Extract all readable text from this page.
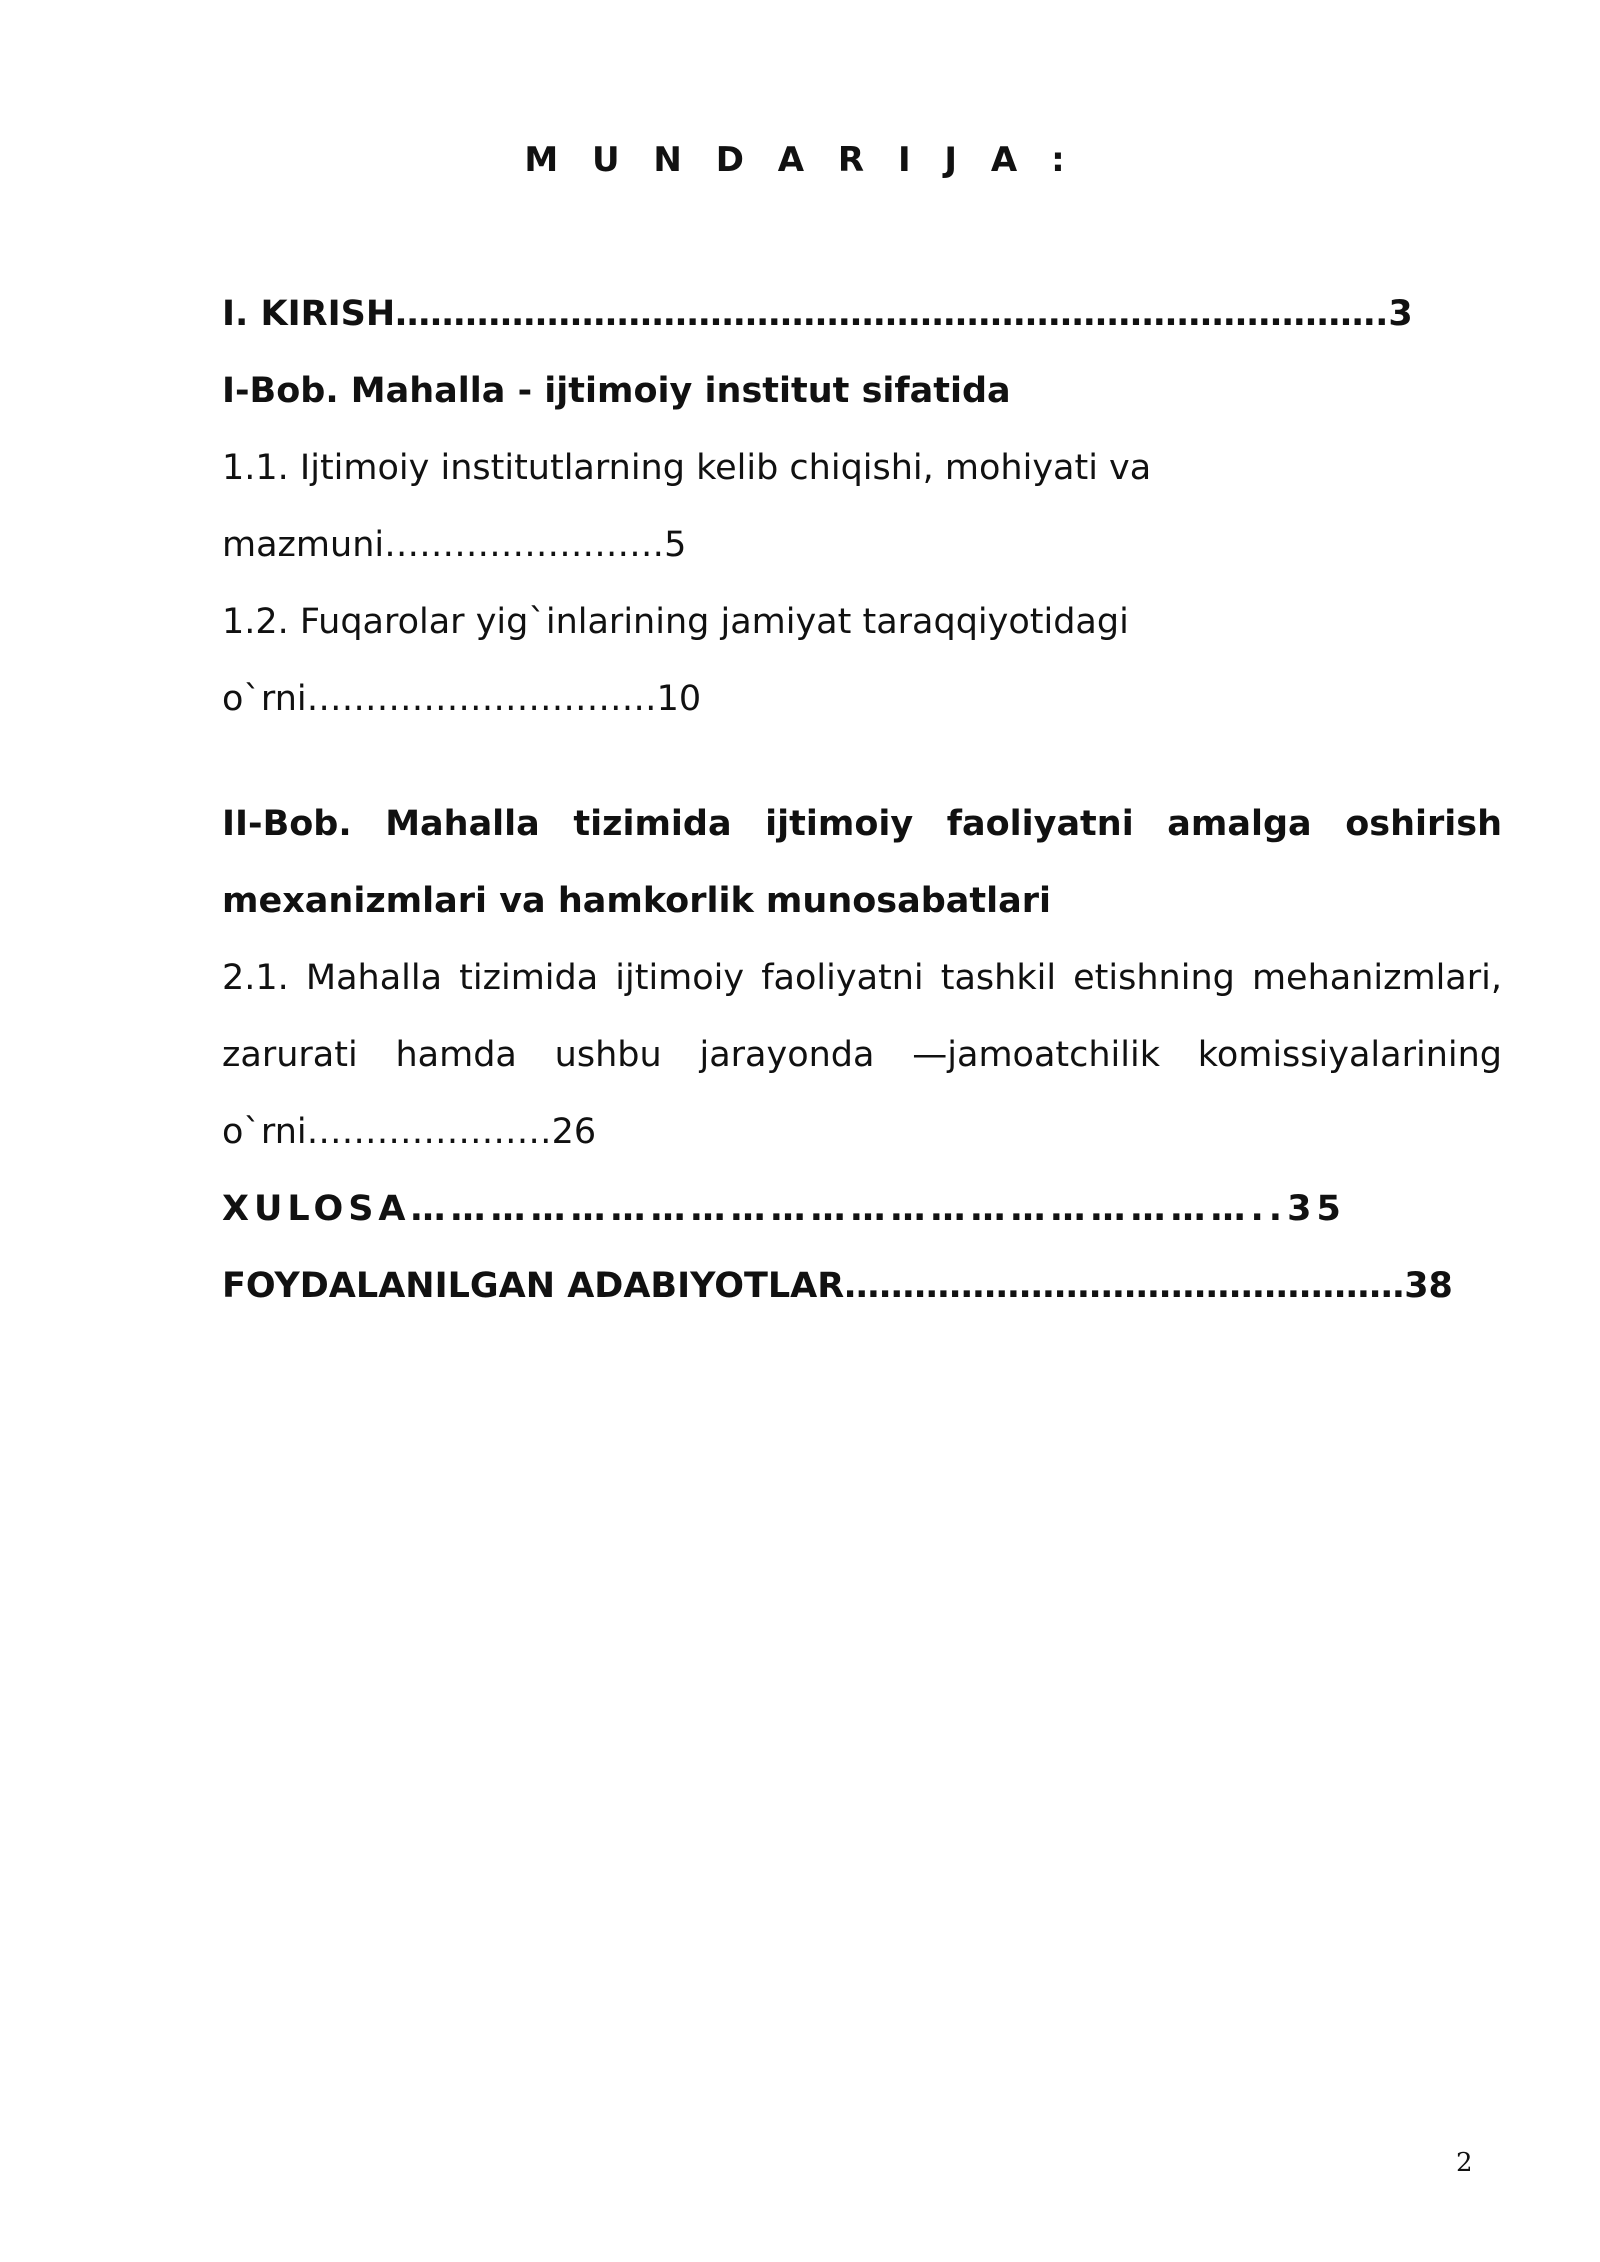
M U N D A R I J A :

I. KIRISH………………………………………………………………………….3

I-Bob. Mahalla - ijtimoiy institut sifatida

1.1. Ijtimoiy institutlarning kelib chiqishi, mohiyati va

mazmuni……………………5

1.2. Fuqarolar yig`inlarining jamiyat taraqqiyotidagi

o`rni…………………………10

II-Bob. Mahalla tizimida ijtimoiy faoliyatni amalga oshirish

mexanizmlari va hamkorlik munosabatlari

2.1. Mahalla tizimida ijtimoiy faoliyatni tashkil etishning mehanizmlari,

zarurati hamda ushbu jarayonda —jamoatchilik komissiyalarining

o`rni…………………26

XULOSA………………………………………………………..35

FOYDALANILGAN ADABIYOTLAR…………………………………………38

2
